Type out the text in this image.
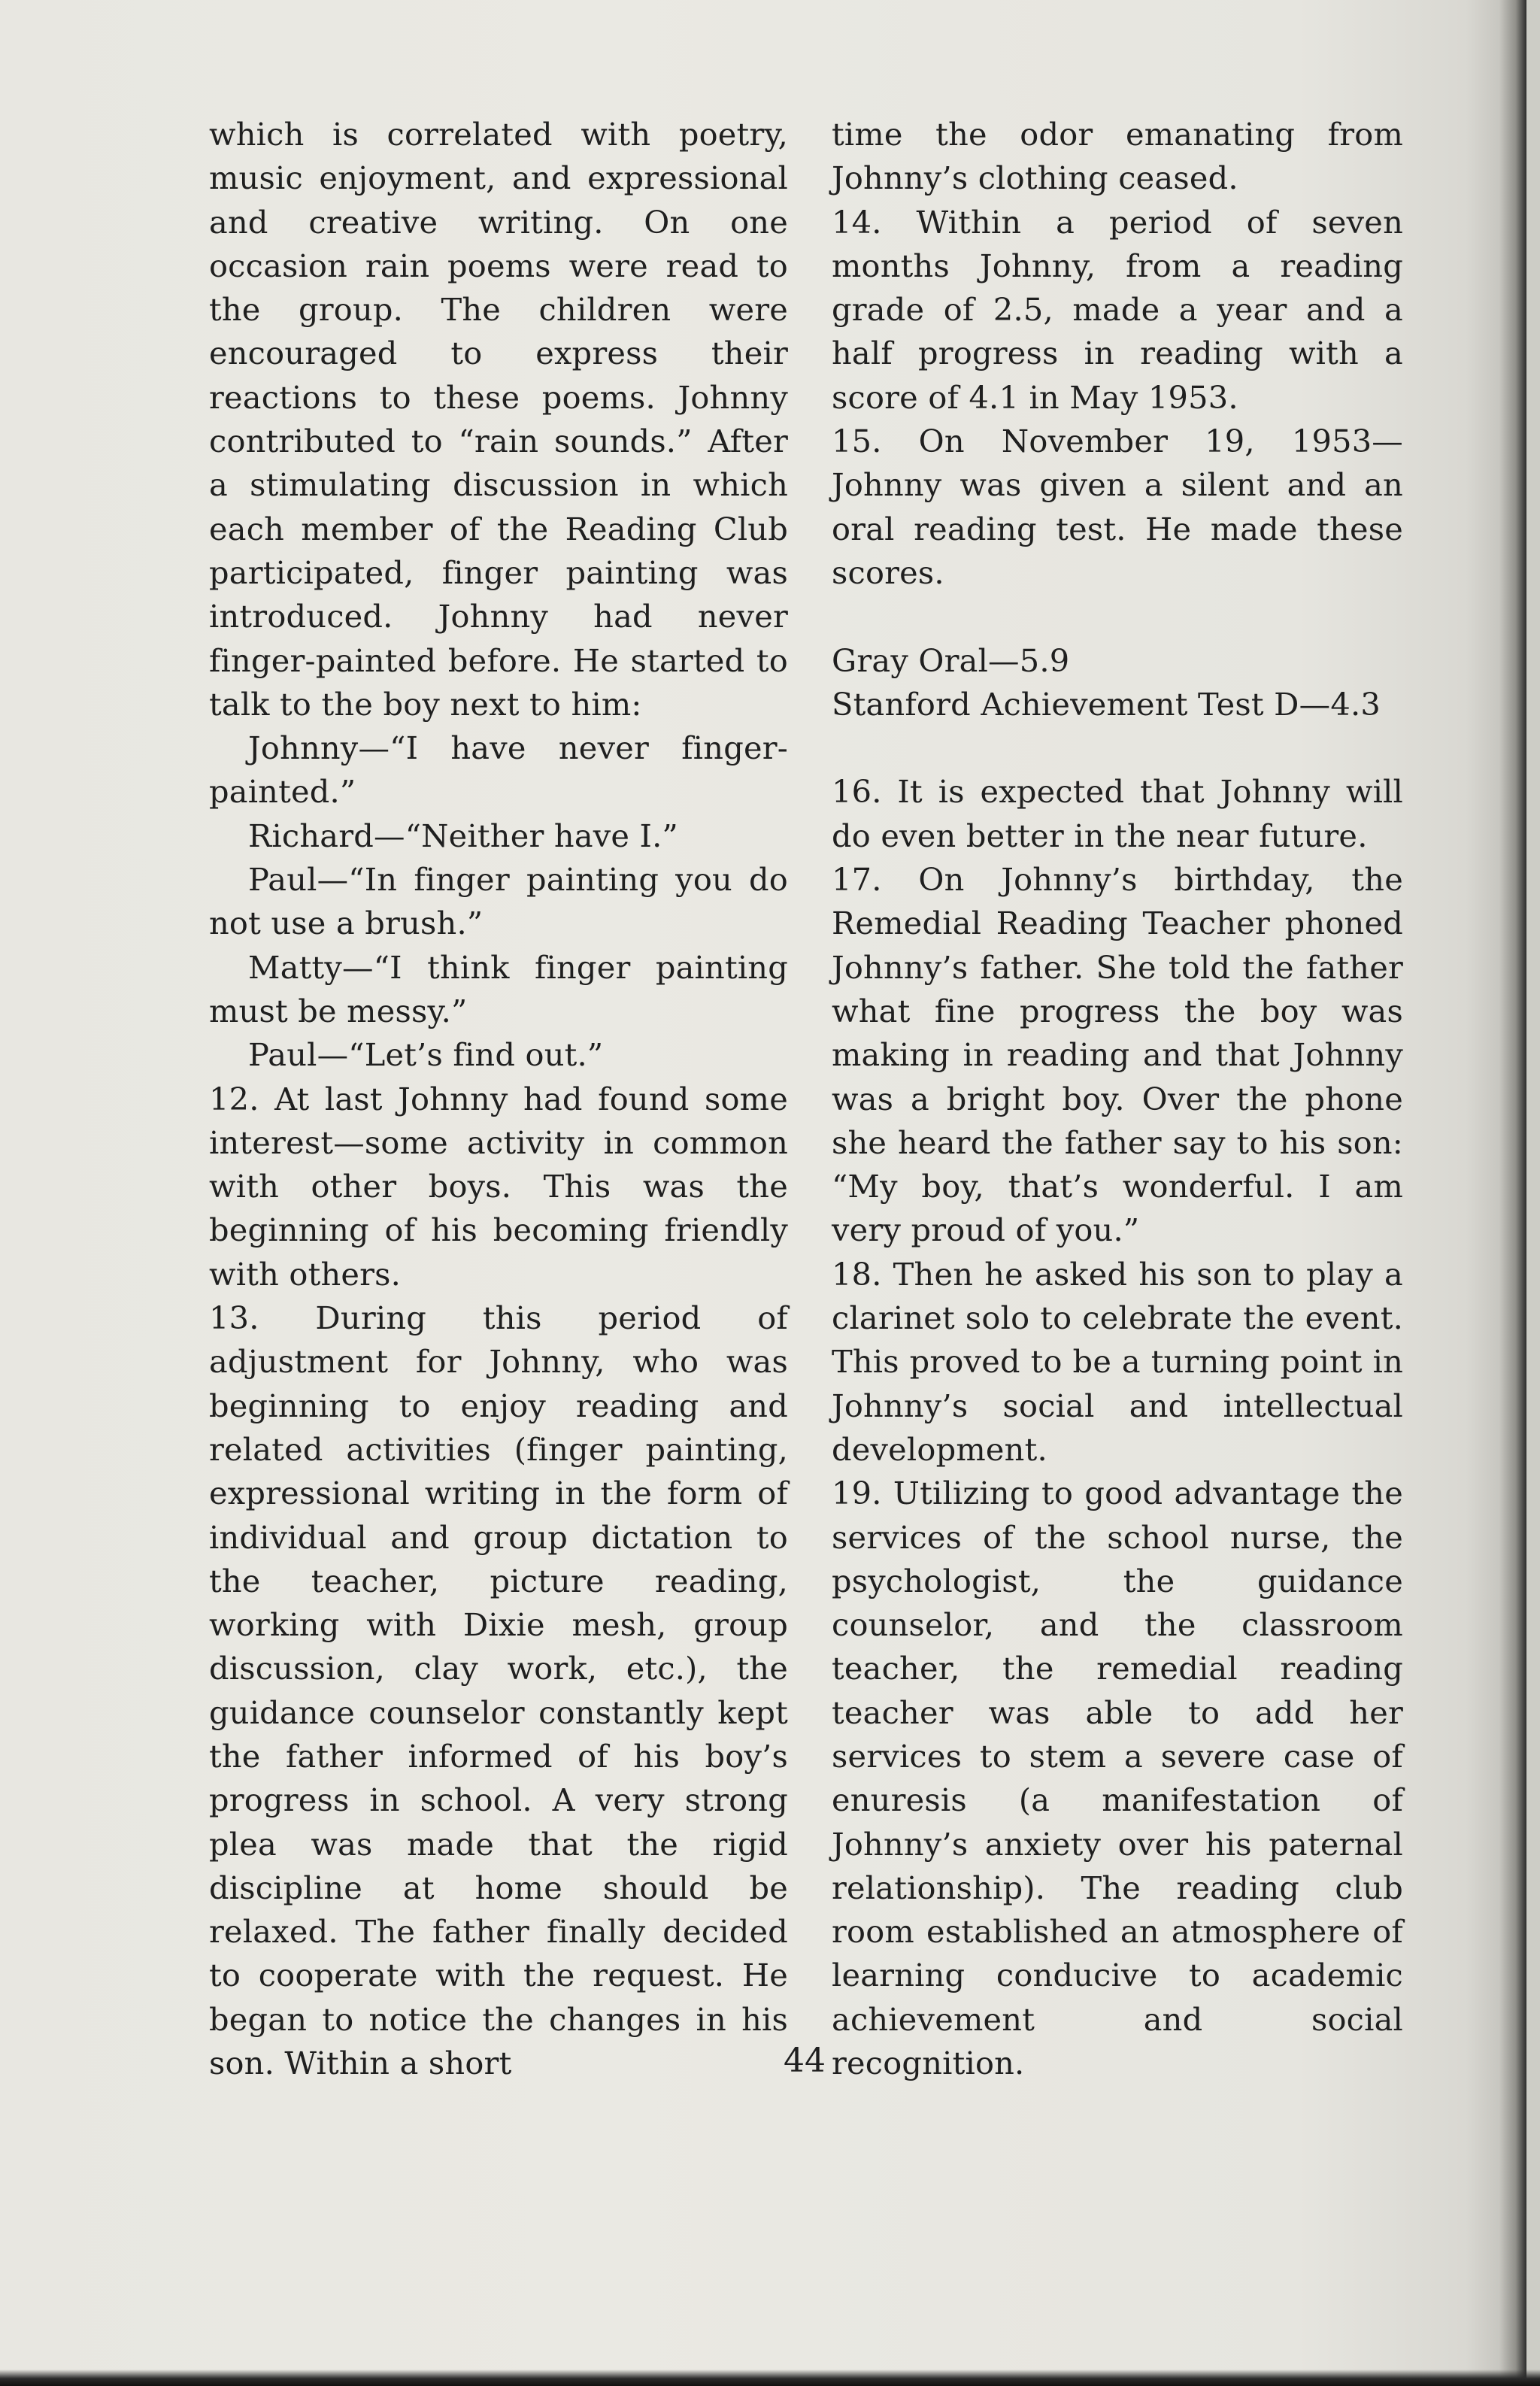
which is correlated with poetry, music enjoyment, and expressional and creative writing. On one occasion rain poems were read to the group. The children were encouraged to express their reactions to these poems. Johnny contributed to “rain sounds.” After a stimulating discussion in which each member of the Reading Club participated, finger painting was introduced. Johnny had never finger-painted before. He started to talk to the boy next to him:

Johnny—“I have never finger-painted.”

Richard—“Neither have I.”

Paul—“In finger painting you do not use a brush.”

Matty—“I think finger painting must be messy.”

Paul—“Let’s find out.”

12. At last Johnny had found some interest—some activity in common with other boys. This was the beginning of his becoming friendly with others.

13. During this period of adjustment for Johnny, who was beginning to enjoy reading and related activities (finger painting, expressional writing in the form of individual and group dictation to the teacher, picture reading, working with Dixie mesh, group discussion, clay work, etc.), the guidance counselor constantly kept the father informed of his boy’s progress in school. A very strong plea was made that the rigid discipline at home should be relaxed. The father finally decided to cooperate with the request. He began to notice the changes in his son. Within a short

time the odor emanating from Johnny’s clothing ceased.

14. Within a period of seven months Johnny, from a reading grade of 2.5, made a year and a half progress in reading with a score of 4.1 in May 1953.

15. On November 19, 1953— Johnny was given a silent and an oral reading test. He made these scores.

Gray Oral—5.9
Stanford Achievement Test D—4.3

16. It is expected that Johnny will do even better in the near future.

17. On Johnny’s birthday, the Remedial Reading Teacher phoned Johnny’s father. She told the father what fine progress the boy was making in reading and that Johnny was a bright boy. Over the phone she heard the father say to his son: “My boy, that’s wonderful. I am very proud of you.”

18. Then he asked his son to play a clarinet solo to celebrate the event. This proved to be a turning point in Johnny’s social and intellectual development.

19. Utilizing to good advantage the services of the school nurse, the psychologist, the guidance counselor, and the classroom teacher, the remedial reading teacher was able to add her services to stem a severe case of enuresis (a manifestation of Johnny’s anxiety over his paternal relationship). The reading club room established an atmosphere of learning conducive to academic achievement and social recognition.

44
